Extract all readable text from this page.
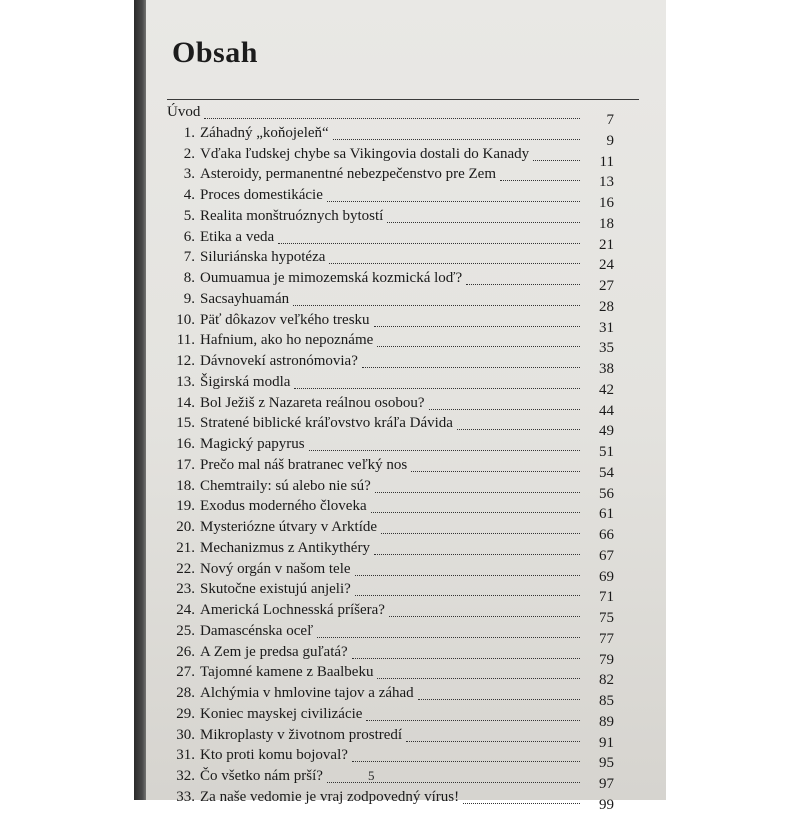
Obsah
Úvod	7
1. Záhadný „koňojeleň“	9
2. Vďaka ľudskej chybe sa Vikingovia dostali do Kanady	11
3. Asteroidy, permanentné nebezpečenstvo pre Zem	13
4. Proces domestikácie	16
5. Realita monštruóznych bytostí	18
6. Etika a veda	21
7. Siluriánska hypotéza	24
8. Oumuamua je mimozemská kozmická loď?	27
9. Sacsayhuamán	28
10. Päť dôkazov veľkého tresku	31
11. Hafnium, ako ho nepoznáme	35
12. Dávnovekí astronómovia?	38
13. Šigirská modla	42
14. Bol Ježiš z Nazareta reálnou osobou?	44
15. Stratené biblické kráľovstvo kráľa Dávida	49
16. Magický papyrus	51
17. Prečo mal náš bratranec veľký nos	54
18. Chemtraily: sú alebo nie sú?	56
19. Exodus moderného človeka	61
20. Mysteriózne útvary v Arktíde	66
21. Mechanizmus z Antikythéry	67
22. Nový orgán v našom tele	69
23. Skutočne existujú anjeli?	71
24. Americká Lochnesská príšera?	75
25. Damascénska oceľ	77
26. A Zem je predsa guľatá?	79
27. Tajomné kamene z Baalbeku	82
28. Alchýmia v hmlovine tajov a záhad	85
29. Koniec mayskej civilizácie	89
30. Mikroplasty v životnom prostredí	91
31. Kto proti komu bojoval?	95
32. Čo všetko nám prší?	97
33. Za naše vedomie je vraj zodpovedný vírus!	99
5
